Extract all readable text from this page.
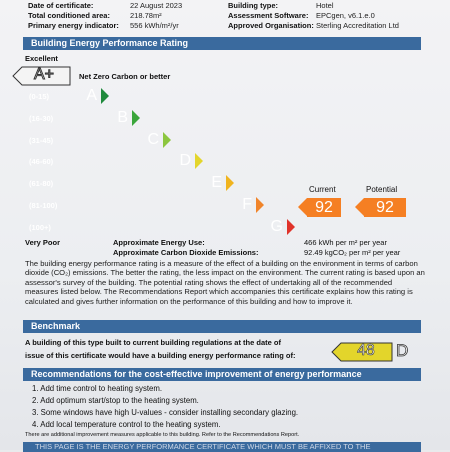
Date of certificate:	22 August 2023	Building type:	Hotel
Total conditioned area:	218.78m²	Assessment Software: EPCgen, v6.1.e.0
Primary energy indicator: 556 kWh/m²/yr	Approved Organisation: Sterling Accreditation Ltd
Building Energy Performance Rating
Excellent
A+	Net Zero Carbon or better
(0-15) A
(16-30)	B
(31-45)	C
(46-60)	D
(61-80)	E
(81-100)	F
(100+)	G
Current	Potential
92	92
Very Poor	Approximate Energy Use:	466 kWh per m² per year
Approximate Carbon Dioxide Emissions:	92.49 kgCO₂ per m² per year

The building energy performance rating is a measure of the effect of a building on the environment in terms of carbon dioxide (CO₂) emissions. The better the rating, the less impact on the environment. The current rating is based upon an assessor's survey of the building. The potential rating shows the effect of undertaking all of the recommended measures listed below. The Recommendations Report which accompanies this certificate explains how this rating is calculated and gives further information on the performance of this building and how to improve it.

Benchmark
A building of this type built to current building regulations at the date of
issue of this certificate would have a building energy performance rating of:	48 D
Recommendations for the cost-effective improvement of energy performance
1. Add time control to heating system.
2. Add optimum start/stop to the heating system.
3. Some windows have high U-values - consider installing secondary glazing.
4. Add local temperature control to the heating system.
There are additional improvement measures applicable to this building. Refer to the Recommendations Report.
THIS PAGE IS THE ENERGY PERFORMANCE CERTIFICATE WHICH MUST BE AFFIXED TO THE
